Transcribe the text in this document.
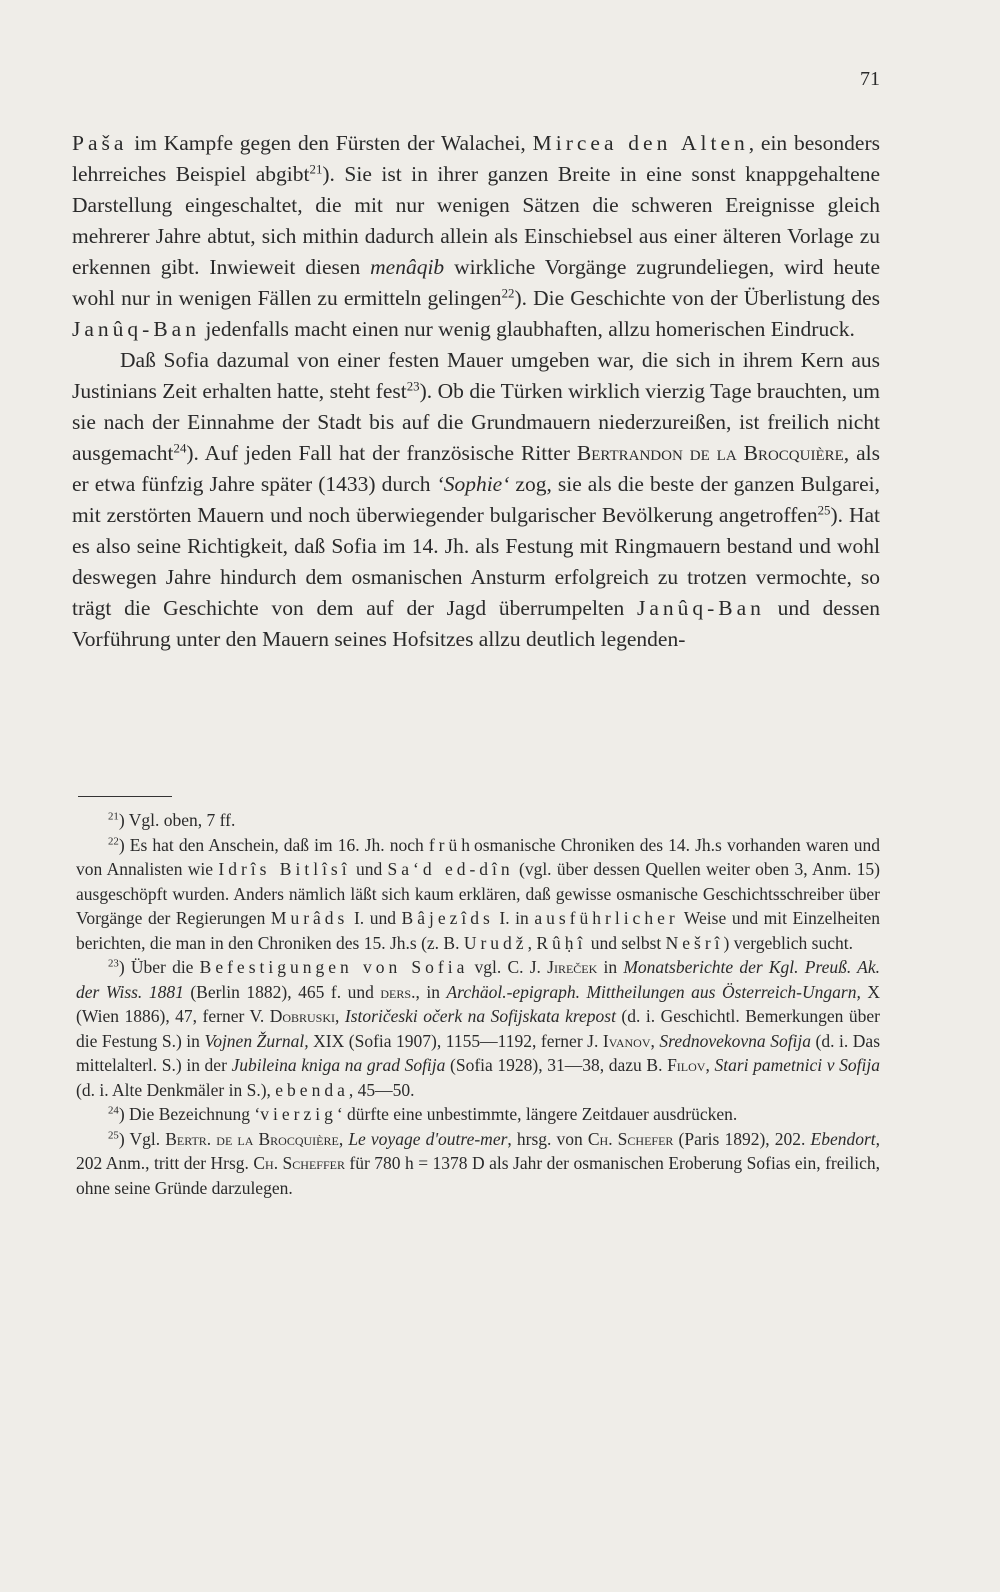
71

Paša im Kampfe gegen den Fürsten der Walachei, Mircea den Alten, ein besonders lehrreiches Beispiel abgibt$^{21}$). Sie ist in ihrer ganzen Breite in eine sonst knappgehaltene Darstellung eingeschaltet, die mit nur wenigen Sätzen die schweren Ereignisse gleich mehrerer Jahre abtut, sich mithin dadurch allein als Einschiebsel aus einer älteren Vorlage zu erkennen gibt. Inwieweit diesen menâqib wirkliche Vorgänge zugrundeliegen, wird heute wohl nur in wenigen Fällen zu ermitteln gelingen$^{22}$). Die Geschichte von der Überlistung des Janûq-Ban jedenfalls macht einen nur wenig glaubhaften, allzu homerischen Eindruck.

Daß Sofia dazumal von einer festen Mauer umgeben war, die sich in ihrem Kern aus Justinians Zeit erhalten hatte, steht fest$^{23}$). Ob die Türken wirklich vierzig Tage brauchten, um sie nach der Einnahme der Stadt bis auf die Grundmauern niederzureißen, ist freilich nicht ausgemacht$^{24}$). Auf jeden Fall hat der französische Ritter Bertrandon de la Brocquière, als er etwa fünfzig Jahre später (1433) durch ‘Sophie‘ zog, sie als die beste der ganzen Bulgarei, mit zerstörten Mauern und noch überwiegender bulgarischer Bevölkerung angetroffen$^{25}$). Hat es also seine Richtigkeit, daß Sofia im 14. Jh. als Festung mit Ringmauern bestand und wohl deswegen Jahre hindurch dem osmanischen Ansturm erfolgreich zu trotzen vermochte, so trägt die Geschichte von dem auf der Jagd überrumpelten Janûq-Ban und dessen Vorführung unter den Mauern seines Hofsitzes allzu deutlich legenden-

$^{21}$) Vgl. oben, 7 ff.

$^{22}$) Es hat den Anschein, daß im 16. Jh. noch frühosmanische Chroniken des 14. Jh.s vorhanden waren und von Annalisten wie Idrîs Bitlîsî und Sa‘d ed-dîn (vgl. über dessen Quellen weiter oben 3, Anm. 15) ausgeschöpft wurden. Anders nämlich läßt sich kaum erklären, daß gewisse osmanische Geschichtsschreiber über Vorgänge der Regierungen Murâds I. und Bâjezîds I. in ausführlicher Weise und mit Einzelheiten berichten, die man in den Chroniken des 15. Jh.s (z. B. Urudž, Rûḥî und selbst Nešrî) vergeblich sucht.

$^{23}$) Über die Befestigungen von Sofia vgl. C. J. Jireček in Monatsberichte der Kgl. Preuß. Ak. der Wiss. 1881 (Berlin 1882), 465 f. und ders., in Archäol.-epigraph. Mittheilungen aus Österreich-Ungarn, X (Wien 1886), 47, ferner V. Dobruski, Istoričeski očerk na Sofijskata krepost (d. i. Geschichtl. Bemerkungen über die Festung S.) in Vojnen Žurnal, XIX (Sofia 1907), 1155—1192, ferner J. Ivanov, Srednovekovna Sofija (d. i. Das mittelalterl. S.) in der Jubileina kniga na grad Sofija (Sofia 1928), 31—38, dazu B. Filov, Stari pametnici v Sofija (d. i. Alte Denkmäler in S.), ebenda, 45—50.

$^{24}$) Die Bezeichnung ‘vierzig‘ dürfte eine unbestimmte, längere Zeitdauer ausdrücken.

$^{25}$) Vgl. Bertr. de la Brocquière, Le voyage d'outre-mer, hrsg. von Ch. Schefer (Paris 1892), 202. Ebendort, 202 Anm., tritt der Hrsg. Ch. Scheffer für 780 h = 1378 D als Jahr der osmanischen Eroberung Sofias ein, freilich, ohne seine Gründe darzulegen.
